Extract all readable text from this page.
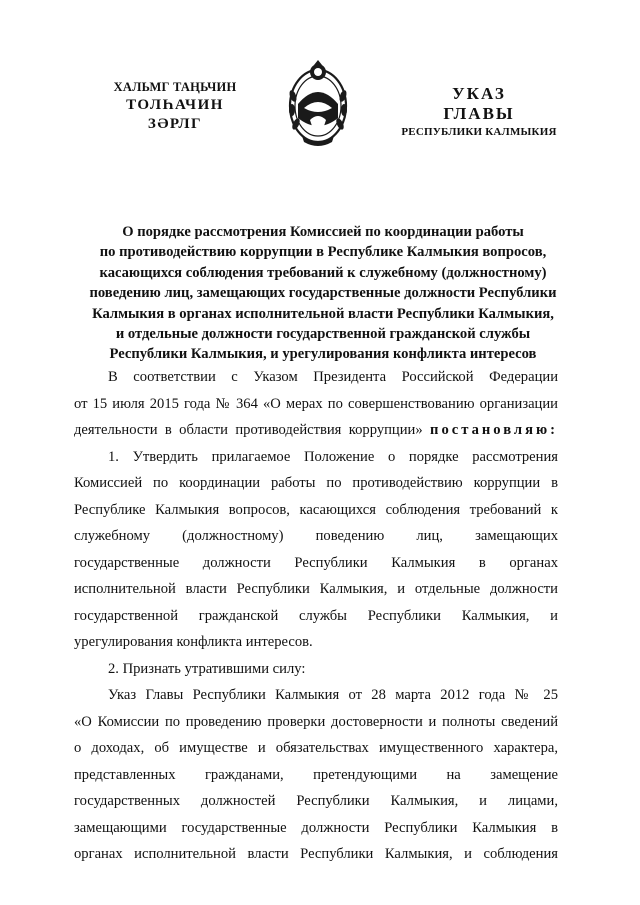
ХАЛЬМГ ТАҢЬЧИН
ТОЛҺАЧИН
ЗӘРЛГ
УКАЗ
ГЛАВЫ
РЕСПУБЛИКИ КАЛМЫКИЯ
О порядке рассмотрения Комиссией по координации работы
по противодействию коррупции в Республике Калмыкия вопросов,
касающихся соблюдения требований к служебному (должностному)
поведению лиц, замещающих государственные должности Республики
Калмыкия в органах исполнительной власти Республики Калмыкия,
и отдельные должности государственной гражданской службы
Республики Калмыкия, и урегулирования конфликта интересов
В соответствии с Указом Президента Российской Федерации
от 15 июля 2015 года № 364 «О мерах по совершенствованию организации
деятельности в области противодействия коррупции» постановляю:
1. Утвердить прилагаемое Положение о порядке рассмотрения
Комиссией по координации работы по противодействию коррупции в
Республике Калмыкия вопросов, касающихся соблюдения требований к
служебному (должностному) поведению лиц, замещающих
государственные должности Республики Калмыкия в органах
исполнительной власти Республики Калмыкия, и отдельные должности
государственной гражданской службы Республики Калмыкия, и
урегулирования конфликта интересов.
2. Признать утратившими силу:
Указ Главы Республики Калмыкия от 28 марта 2012 года № 25
«О Комиссии по проведению проверки достоверности и полноты сведений
о доходах, об имуществе и обязательствах имущественного характера,
представленных гражданами, претендующими на замещение
государственных должностей Республики Калмыкия, и лицами,
замещающими государственные должности Республики Калмыкия в
органах исполнительной власти Республики Калмыкия, и соблюдения
